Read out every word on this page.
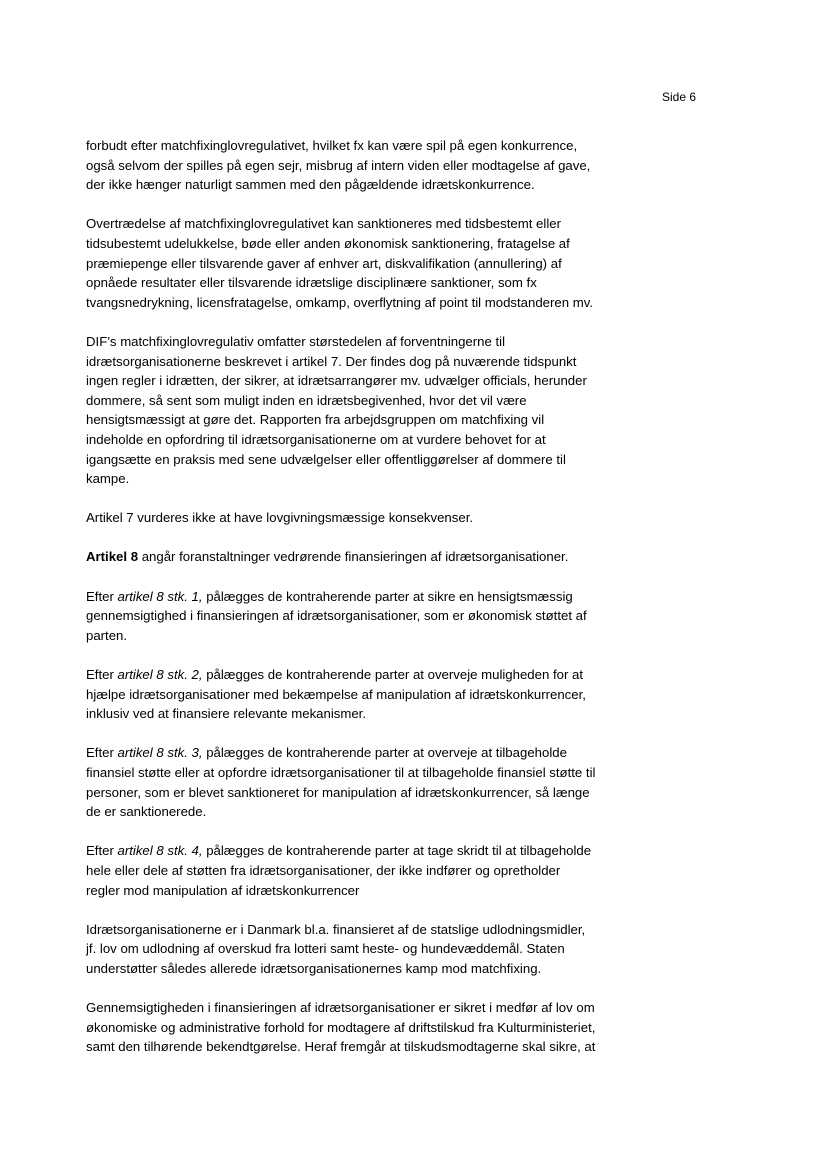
Side 6

forbudt efter matchfixinglovregulativet, hvilket fx kan være spil på egen konkurrence,
også selvom der spilles på egen sejr, misbrug af intern viden eller modtagelse af gave,
der ikke hænger naturligt sammen med den pågældende idrætskonkurrence.

Overtrædelse af matchfixinglovregulativet kan sanktioneres med tidsbestemt eller
tidsubestemt udelukkelse, bøde eller anden økonomisk sanktionering, fratagelse af
præmiepenge eller tilsvarende gaver af enhver art, diskvalifikation (annullering) af
opnåede resultater eller tilsvarende idrætslige disciplinære sanktioner, som fx
tvangsnedrykning, licensfratagelse, omkamp, overflytning af point til modstanderen mv.

DIF’s matchfixinglovregulativ omfatter størstedelen af forventningerne til
idrætsorganisationerne beskrevet i artikel 7. Der findes dog på nuværende tidspunkt
ingen regler i idrætten, der sikrer, at idrætsarrangører mv. udvælger officials, herunder
dommere, så sent som muligt inden en idrætsbegivenhed, hvor det vil være
hensigtsmæssigt at gøre det. Rapporten fra arbejdsgruppen om matchfixing vil
indeholde en opfordring til idrætsorganisationerne om at vurdere behovet for at
igangsætte en praksis med sene udvælgelser eller offentliggørelser af dommere til
kampe.

Artikel 7 vurderes ikke at have lovgivningsmæssige konsekvenser.

Artikel 8 angår foranstaltninger vedrørende finansieringen af idrætsorganisationer.

Efter artikel 8 stk. 1, pålægges de kontraherende parter at sikre en hensigtsmæssig
gennemsigtighed i finansieringen af idrætsorganisationer, som er økonomisk støttet af
parten.

Efter artikel 8 stk. 2, pålægges de kontraherende parter at overveje muligheden for at
hjælpe idrætsorganisationer med bekæmpelse af manipulation af idrætskonkurrencer,
inklusiv ved at finansiere relevante mekanismer.

Efter artikel 8 stk. 3, pålægges de kontraherende parter at overveje at tilbageholde
finansiel støtte eller at opfordre idrætsorganisationer til at tilbageholde finansiel støtte til
personer, som er blevet sanktioneret for manipulation af idrætskonkurrencer, så længe
de er sanktionerede.

Efter artikel 8 stk. 4, pålægges de kontraherende parter at tage skridt til at tilbageholde
hele eller dele af støtten fra idrætsorganisationer, der ikke indfører og opretholder
regler mod manipulation af idrætskonkurrencer

Idrætsorganisationerne er i Danmark bl.a. finansieret af de statslige udlodningsmidler,
jf. lov om udlodning af overskud fra lotteri samt heste- og hundevæddemål. Staten
understøtter således allerede idrætsorganisationernes kamp mod matchfixing.

Gennemsigtigheden i finansieringen af idrætsorganisationer er sikret i medfør af lov om
økonomiske og administrative forhold for modtagere af driftstilskud fra Kulturministeriet,
samt den tilhørende bekendtgørelse. Heraf fremgår at tilskudsmodtagerne skal sikre, at
